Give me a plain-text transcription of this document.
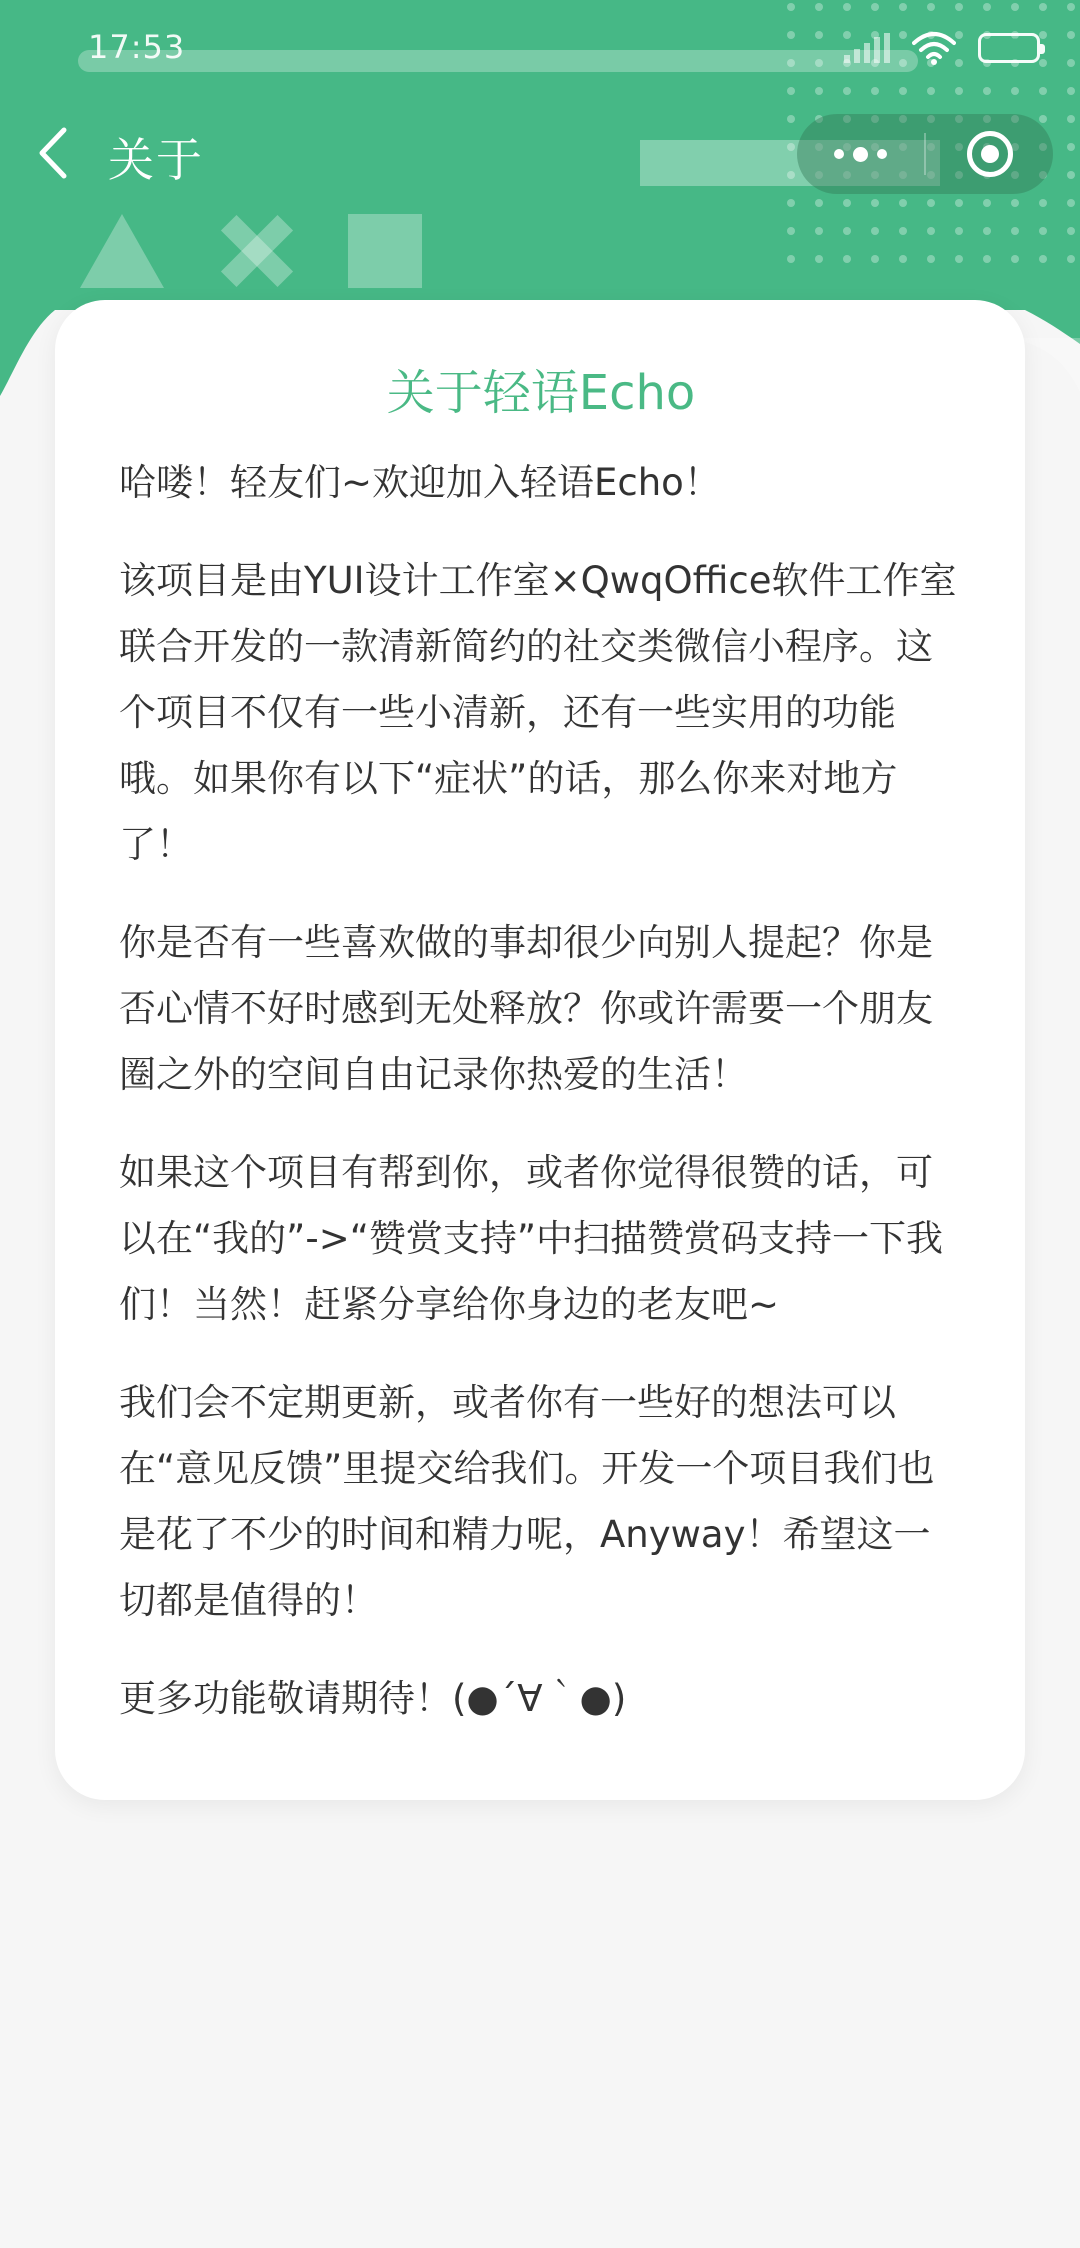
17:53	41
关于
关于轻语Echo

哈喽！轻友们~欢迎加入轻语Echo！

该项目是由YUI设计工作室×QwqOffice软件工作室联合开发的一款清新简约的社交类微信小程序。这个项目不仅有一些小清新，还有一些实用的功能哦。如果你有以下“症状”的话，那么你来对地方了！

你是否有一些喜欢做的事却很少向别人提起？你是否心情不好时感到无处释放？你或许需要一个朋友圈之外的空间自由记录你热爱的生活！

如果这个项目有帮到你，或者你觉得很赞的话，可以在“我的”->“赞赏支持”中扫描赞赏码支持一下我们！当然！赶紧分享给你身边的老友吧~

我们会不定期更新，或者你有一些好的想法可以在“意见反馈”里提交给我们。开发一个项目我们也是花了不少的时间和精力呢，Anyway！希望这一切都是值得的！

更多功能敬请期待！(●´∀｀●)
